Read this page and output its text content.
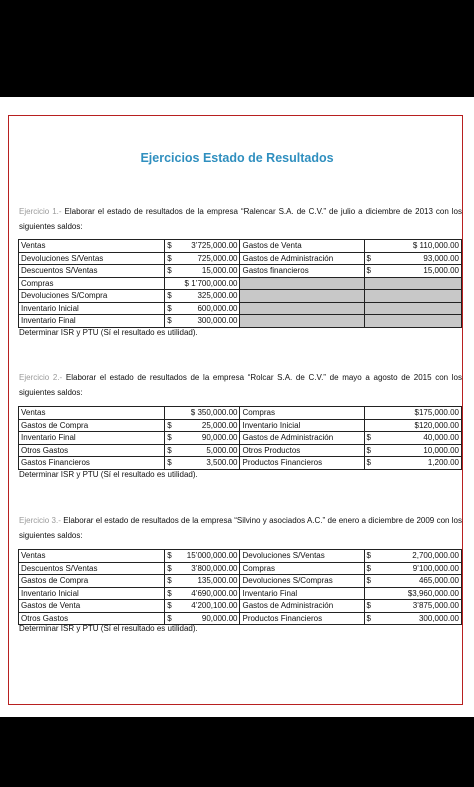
Ejercicios Estado de Resultados
Ejercicio 1.- Elaborar el estado de resultados de la empresa “Ralencar S.A. de C.V.” de julio a diciembre de 2013 con los siguientes saldos:
Ventas	$ 3’725,000.00	Gastos de Venta	$ 110,000.00

Devoluciones S/Ventas	$ 725,000.00	Gastos de Administración	$ 93,000.00

Descuentos S/Ventas	$ 15,000.00	Gastos financieros	$ 15,000.00

Compras	$ 1’700,000.00		

Devoluciones S/Compra	$ 325,000.00		

Inventario Inicial	$ 600,000.00		

Inventario Final	$ 300,000.00		

Determinar ISR y PTU (Sí el resultado es utilidad).
Ejercicio 2.- Elaborar el estado de resultados de la empresa “Rolcar S.A. de C.V.” de mayo a agosto de 2015 con los siguientes saldos:
Ventas	$ 350,000.00	Compras	$175,000.00

Gastos de Compra	$ 25,000.00	Inventario Inicial	$120,000.00

Inventario Final	$ 90,000.00	Gastos de Administración	$ 40,000.00

Otros Gastos	$ 5,000.00	Otros Productos	$ 10,000.00

Gastos Financieros	$ 3,500.00	Productos Financieros	$ 1,200.00
Determinar ISR y PTU (Sí el resultado es utilidad).
Ejercicio 3.- Elaborar el estado de resultados de la empresa “Silvino y asociados A.C.” de enero a diciembre de 2009 con los siguientes saldos:
Ventas	$ 15’000,000.00	Devoluciones S/Ventas	$ 2,700,000.00

Descuentos S/Ventas	$ 3’800,000.00	Compras	$ 9’100,000.00

Gastos de Compra	$ 135,000.00	Devoluciones S/Compras	$ 465,000.00

Inventario Inicial	$ 4’690,000.00	Inventario Final	$3,960,000.00

Gastos de Venta	$ 4’200,100.00	Gastos de Administración	$ 3’875,000.00

Otros Gastos	$ 90,000.00	Productos Financieros	$ 300,000.00
Determinar ISR y PTU (Sí el resultado es utilidad).
